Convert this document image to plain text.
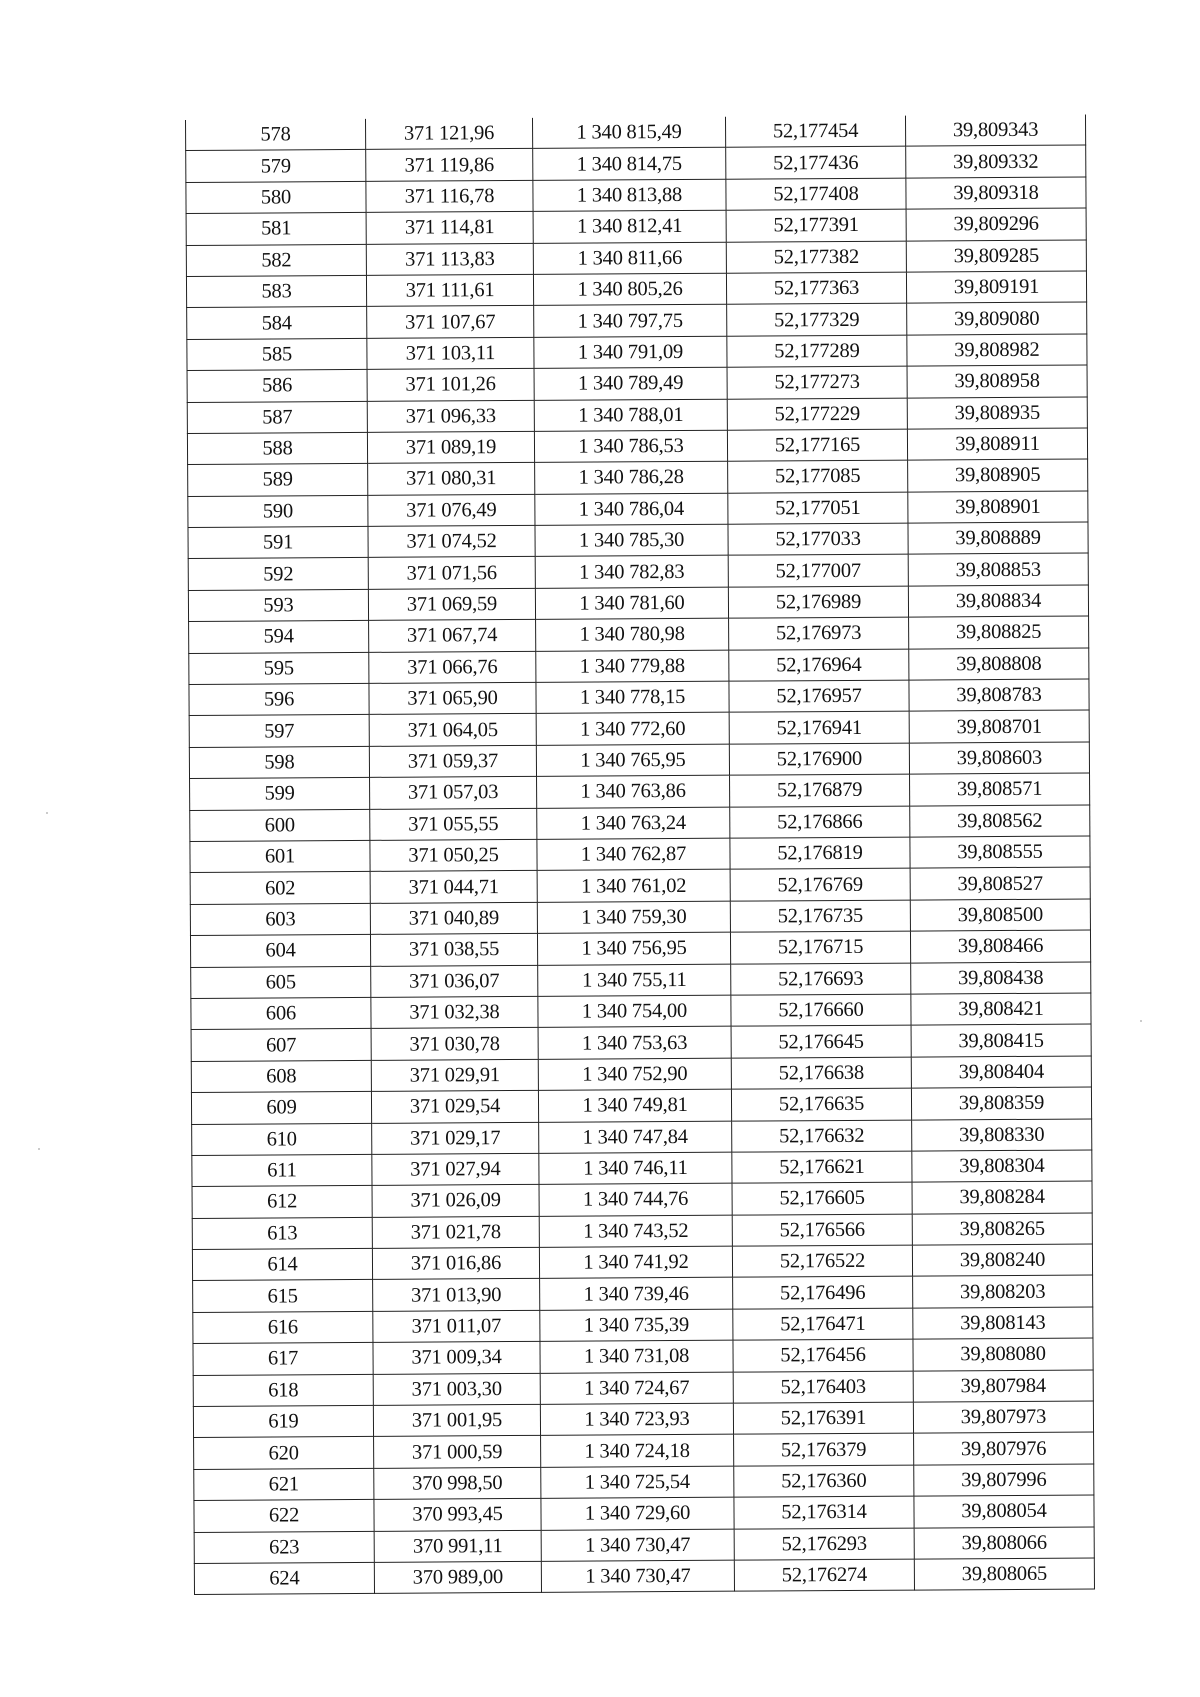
578	371 121,96	1 340 815,49	52,177454	39,809343
579	371 119,86	1 340 814,75	52,177436	39,809332
580	371 116,78	1 340 813,88	52,177408	39,809318
581	371 114,81	1 340 812,41	52,177391	39,809296
582	371 113,83	1 340 811,66	52,177382	39,809285
583	371 111,61	1 340 805,26	52,177363	39,809191
584	371 107,67	1 340 797,75	52,177329	39,809080
585	371 103,11	1 340 791,09	52,177289	39,808982
586	371 101,26	1 340 789,49	52,177273	39,808958
587	371 096,33	1 340 788,01	52,177229	39,808935
588	371 089,19	1 340 786,53	52,177165	39,808911
589	371 080,31	1 340 786,28	52,177085	39,808905
590	371 076,49	1 340 786,04	52,177051	39,808901
591	371 074,52	1 340 785,30	52,177033	39,808889
592	371 071,56	1 340 782,83	52,177007	39,808853
593	371 069,59	1 340 781,60	52,176989	39,808834
594	371 067,74	1 340 780,98	52,176973	39,808825
595	371 066,76	1 340 779,88	52,176964	39,808808
596	371 065,90	1 340 778,15	52,176957	39,808783
597	371 064,05	1 340 772,60	52,176941	39,808701
598	371 059,37	1 340 765,95	52,176900	39,808603
599	371 057,03	1 340 763,86	52,176879	39,808571
600	371 055,55	1 340 763,24	52,176866	39,808562
601	371 050,25	1 340 762,87	52,176819	39,808555
602	371 044,71	1 340 761,02	52,176769	39,808527
603	371 040,89	1 340 759,30	52,176735	39,808500
604	371 038,55	1 340 756,95	52,176715	39,808466
605	371 036,07	1 340 755,11	52,176693	39,808438
606	371 032,38	1 340 754,00	52,176660	39,808421
607	371 030,78	1 340 753,63	52,176645	39,808415
608	371 029,91	1 340 752,90	52,176638	39,808404
609	371 029,54	1 340 749,81	52,176635	39,808359
610	371 029,17	1 340 747,84	52,176632	39,808330
611	371 027,94	1 340 746,11	52,176621	39,808304
612	371 026,09	1 340 744,76	52,176605	39,808284
613	371 021,78	1 340 743,52	52,176566	39,808265
614	371 016,86	1 340 741,92	52,176522	39,808240
615	371 013,90	1 340 739,46	52,176496	39,808203
616	371 011,07	1 340 735,39	52,176471	39,808143
617	371 009,34	1 340 731,08	52,176456	39,808080
618	371 003,30	1 340 724,67	52,176403	39,807984
619	371 001,95	1 340 723,93	52,176391	39,807973
620	371 000,59	1 340 724,18	52,176379	39,807976
621	370 998,50	1 340 725,54	52,176360	39,807996
622	370 993,45	1 340 729,60	52,176314	39,808054
623	370 991,11	1 340 730,47	52,176293	39,808066
624	370 989,00	1 340 730,47	52,176274	39,808065
